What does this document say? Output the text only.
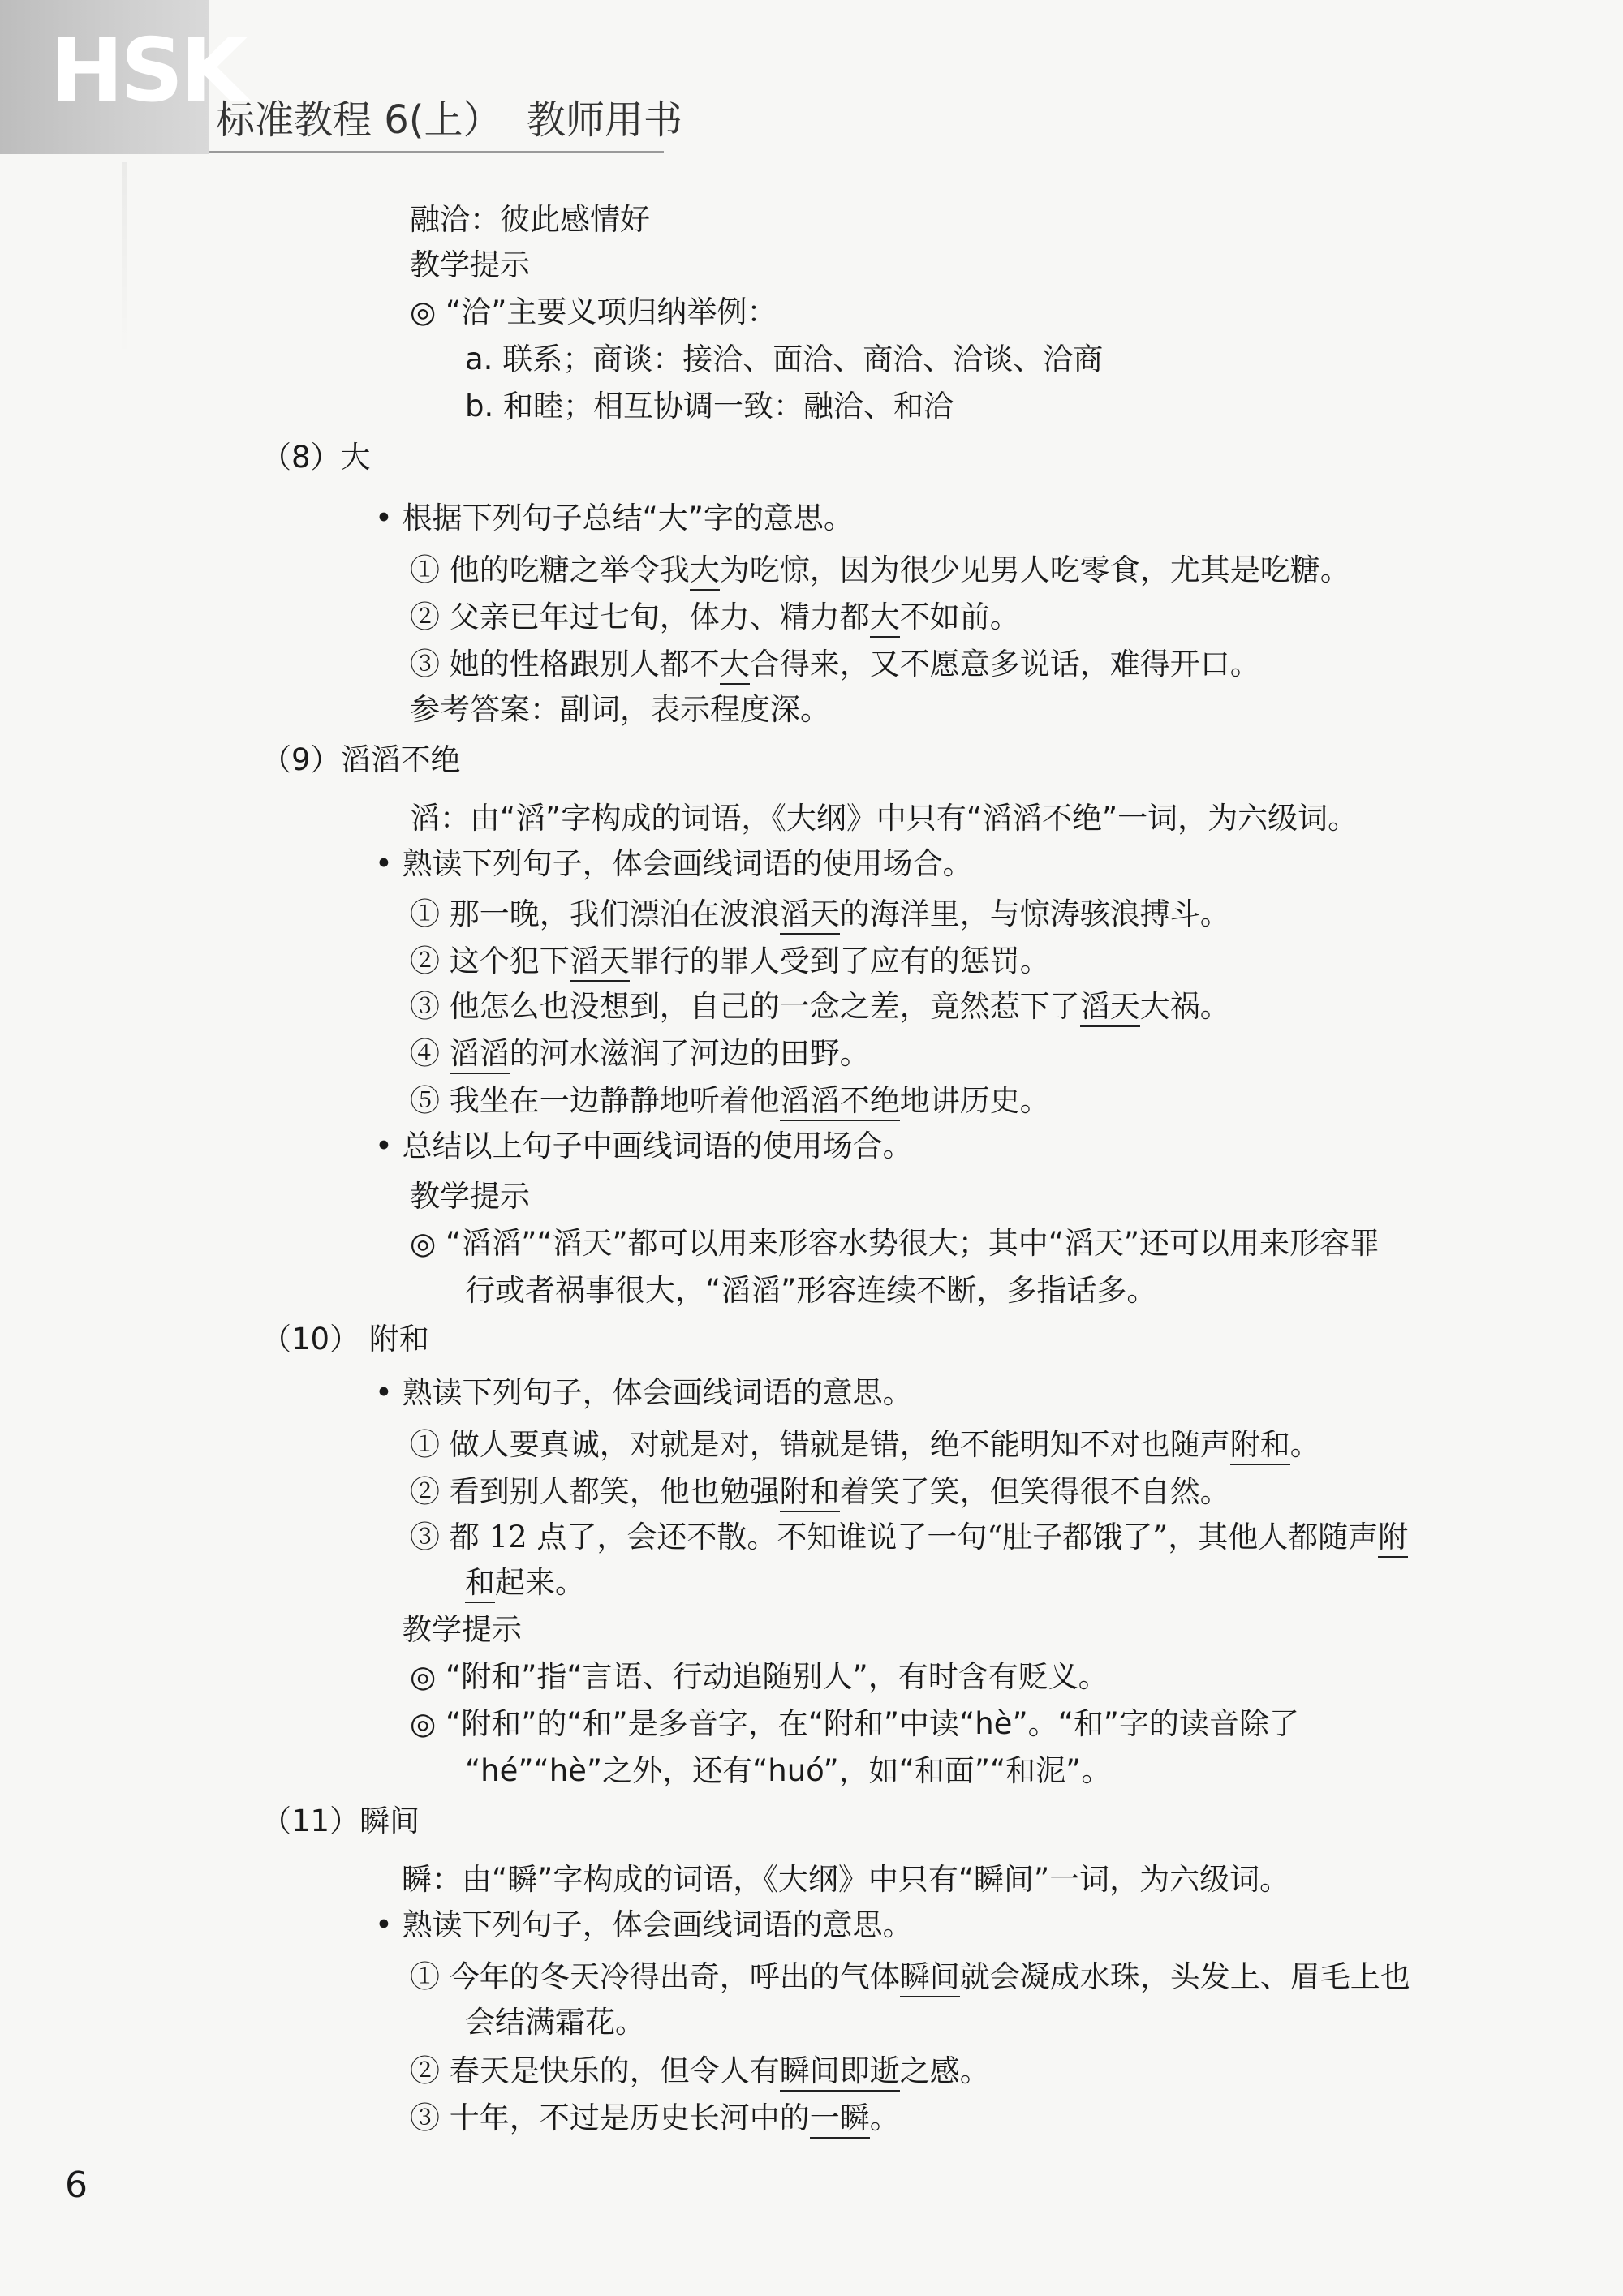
HSK
标准教程 6(上）  教师用书
融洽：彼此感情好
教学提示
◎ “洽”主要义项归纳举例：
a. 联系；商谈：接洽、面洽、商洽、洽谈、洽商
b. 和睦；相互协调一致：融洽、和洽
（8）大
• 根据下列句子总结“大”字的意思。
① 他的吃糖之举令我大为吃惊，因为很少见男人吃零食，尤其是吃糖。
② 父亲已年过七旬，体力、精力都大不如前。
③ 她的性格跟别人都不大合得来，又不愿意多说话，难得开口。
参考答案：副词，表示程度深。
（9）滔滔不绝
滔：由“滔”字构成的词语，《大纲》中只有“滔滔不绝”一词，为六级词。
• 熟读下列句子，体会画线词语的使用场合。
① 那一晚，我们漂泊在波浪滔天的海洋里，与惊涛骇浪搏斗。
② 这个犯下滔天罪行的罪人受到了应有的惩罚。
③ 他怎么也没想到，自己的一念之差，竟然惹下了滔天大祸。
④ 滔滔的河水滋润了河边的田野。
⑤ 我坐在一边静静地听着他滔滔不绝地讲历史。
• 总结以上句子中画线词语的使用场合。
教学提示
◎ “滔滔”“滔天”都可以用来形容水势很大；其中“滔天”还可以用来形容罪
行或者祸事很大，“滔滔”形容连续不断，多指话多。
（10） 附和
• 熟读下列句子，体会画线词语的意思。
① 做人要真诚，对就是对，错就是错，绝不能明知不对也随声附和。
② 看到别人都笑，他也勉强附和着笑了笑，但笑得很不自然。
③ 都 12 点了，会还不散。不知谁说了一句“肚子都饿了”，其他人都随声附
和起来。
教学提示
◎ “附和”指“言语、行动追随别人”，有时含有贬义。
◎ “附和”的“和”是多音字，在“附和”中读“hè”。“和”字的读音除了
“hé”“hè”之外，还有“huó”，如“和面”“和泥”。
（11）瞬间
瞬：由“瞬”字构成的词语，《大纲》中只有“瞬间”一词，为六级词。
• 熟读下列句子，体会画线词语的意思。
① 今年的冬天冷得出奇，呼出的气体瞬间就会凝成水珠，头发上、眉毛上也
会结满霜花。
② 春天是快乐的，但令人有瞬间即逝之感。
③ 十年，不过是历史长河中的一瞬。
6
